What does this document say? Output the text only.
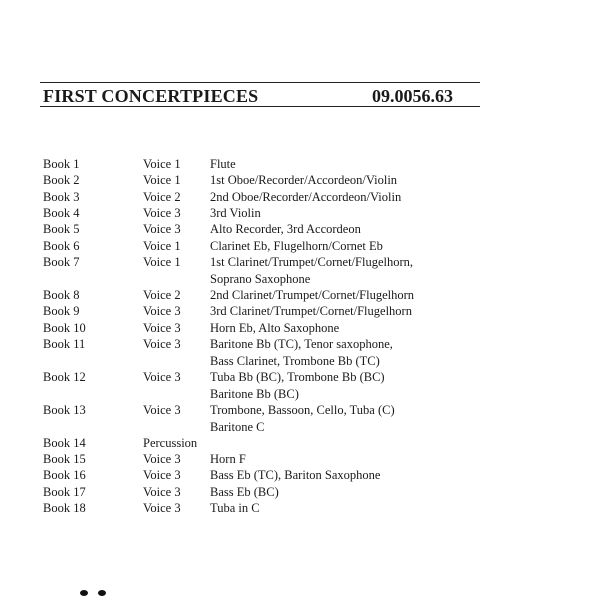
FIRST CONCERTPIECES	09.0056.63
Book 1	Voice 1 Flute
Book 2	Voice 1 1st Oboe/Recorder/Accordeon/Violin
Book 3	Voice 2 2nd Oboe/Recorder/Accordeon/Violin
Book 4	Voice 3 3rd Violin
Book 5	Voice 3 Alto Recorder, 3rd Accordeon
Book 6	Voice 1 Clarinet Eb, Flugelhorn/Cornet Eb
Book 7	Voice 1 1st Clarinet/Trumpet/Cornet/Flugelhorn,
Soprano Saxophone
Book 8	Voice 2 2nd Clarinet/Trumpet/Cornet/Flugelhorn
Book 9	Voice 3 3rd Clarinet/Trumpet/Cornet/Flugelhorn
Book 10	Voice 3 Horn Eb, Alto Saxophone
Book 11	Voice 3 Baritone Bb (TC), Tenor saxophone,
Bass Clarinet, Trombone Bb (TC)
Book 12	Voice 3 Tuba Bb (BC), Trombone Bb (BC)
Baritone Bb (BC)
Book 13	Voice 3 Trombone, Bassoon, Cello, Tuba (C)
Baritone C
Book 14	Percussion
Book 15	Voice 3 Horn F
Book 16	Voice 3 Bass Eb (TC), Bariton Saxophone
Book 17	Voice 3 Bass Eb (BC)
Book 18	Voice 3 Tuba in C
